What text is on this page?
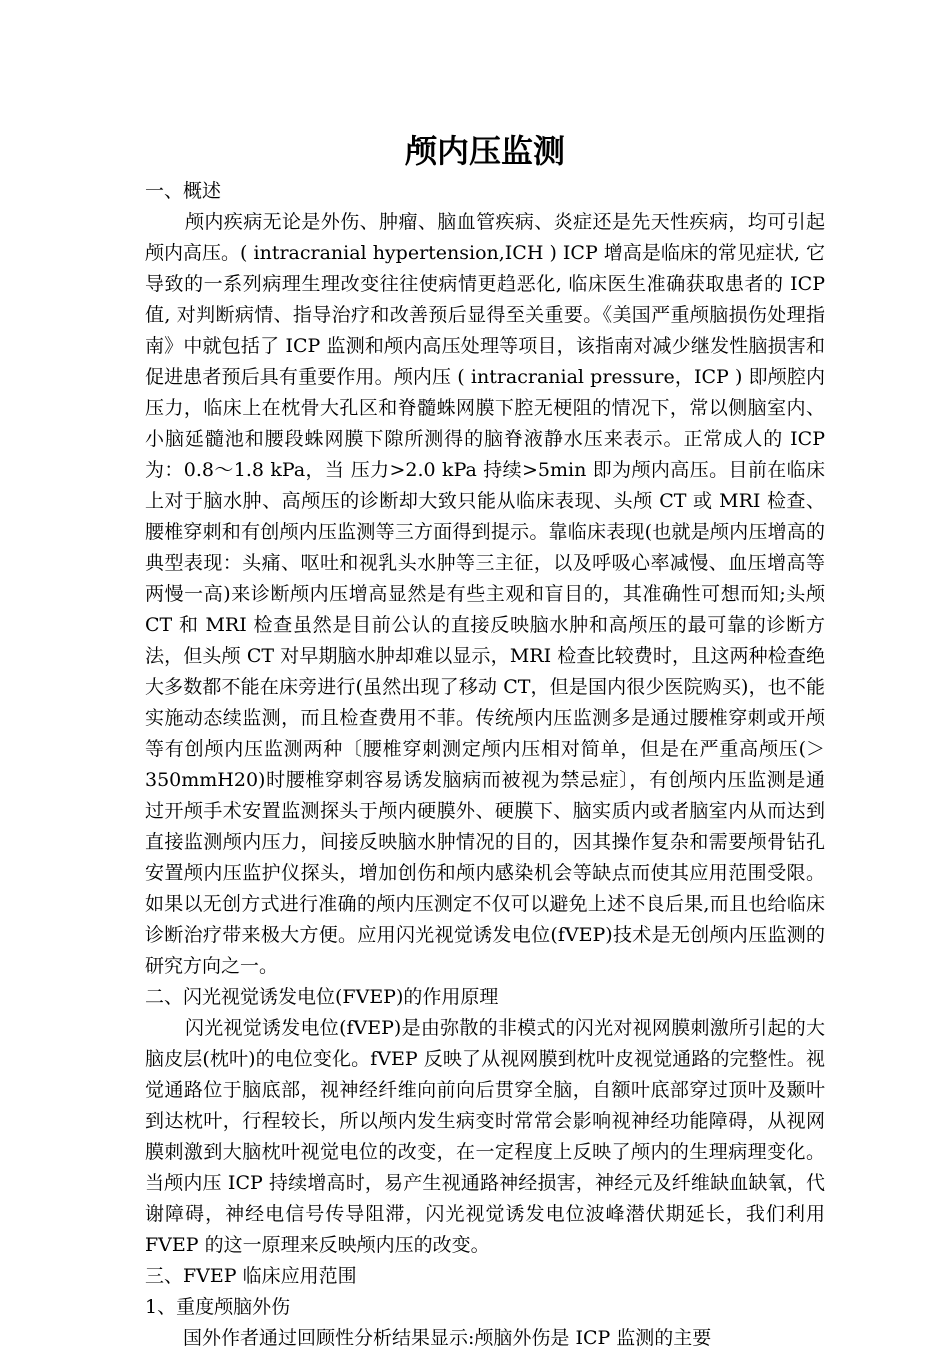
颅内压监测

一、概述

颅内疾病无论是外伤、肿瘤、脑血管疾病、炎症还是先天性疾病，均可引起颅内高压。( intracranial hypertension,ICH ) ICP 增高是临床的常见症状, 它导致的一系列病理生理改变往往使病情更趋恶化, 临床医生准确获取患者的 ICP 值, 对判断病情、指导治疗和改善预后显得至关重要。《美国严重颅脑损伤处理指南》中就包括了 ICP 监测和颅内高压处理等项目，该指南对减少继发性脑损害和促进患者预后具有重要作用。颅内压 ( intracranial pressure，ICP ) 即颅腔内压力，临床上在枕骨大孔区和脊髓蛛网膜下腔无梗阻的情况下，常以侧脑室内、小脑延髓池和腰段蛛网膜下隙所测得的脑脊液静水压来表示。正常成人的 ICP 为：0.8～1.8 kPa，当 压力>2.0 kPa 持续>5min 即为颅内高压。目前在临床上对于脑水肿、高颅压的诊断却大致只能从临床表现、头颅 CT 或 MRI 检查、腰椎穿刺和有创颅内压监测等三方面得到提示。靠临床表现(也就是颅内压增高的典型表现：头痛、呕吐和视乳头水肿等三主征，以及呼吸心率减慢、血压增高等两慢一高)来诊断颅内压增高显然是有些主观和盲目的，其准确性可想而知;头颅 CT 和 MRI 检查虽然是目前公认的直接反映脑水肿和高颅压的最可靠的诊断方法，但头颅 CT 对早期脑水肿却难以显示，MRI 检查比较费时，且这两种检查绝大多数都不能在床旁进行(虽然出现了移动 CT，但是国内很少医院购买)，也不能实施动态续监测，而且检查费用不菲。传统颅内压监测多是通过腰椎穿刺或开颅等有创颅内压监测两种〔腰椎穿刺测定颅内压相对简单，但是在严重高颅压(＞350mmH20)时腰椎穿刺容易诱发脑病而被视为禁忌症〕，有创颅内压监测是通过开颅手术安置监测探头于颅内硬膜外、硬膜下、脑实质内或者脑室内从而达到直接监测颅内压力，间接反映脑水肿情况的目的，因其操作复杂和需要颅骨钻孔安置颅内压监护仪探头，增加创伤和颅内感染机会等缺点而使其应用范围受限。如果以无创方式进行准确的颅内压测定不仅可以避免上述不良后果,而且也给临床诊断治疗带来极大方便。应用闪光视觉诱发电位(fVEP)技术是无创颅内压监测的研究方向之一。

二、闪光视觉诱发电位(FVEP)的作用原理

闪光视觉诱发电位(fVEP)是由弥散的非模式的闪光对视网膜刺激所引起的大脑皮层(枕叶)的电位变化。fVEP 反映了从视网膜到枕叶皮视觉通路的完整性。视觉通路位于脑底部，视神经纤维向前向后贯穿全脑，自额叶底部穿过顶叶及颞叶到达枕叶，行程较长，所以颅内发生病变时常常会影响视神经功能障碍，从视网膜刺激到大脑枕叶视觉电位的改变，在一定程度上反映了颅内的生理病理变化。当颅内压 ICP 持续增高时，易产生视通路神经损害，神经元及纤维缺血缺氧，代谢障碍，神经电信号传导阻滞，闪光视觉诱发电位波峰潜伏期延长，我们利用 FVEP 的这一原理来反映颅内压的改变。

三、FVEP 临床应用范围

1、重度颅脑外伤

国外作者通过回顾性分析结果显示:颅脑外伤是 ICP 监测的主要
